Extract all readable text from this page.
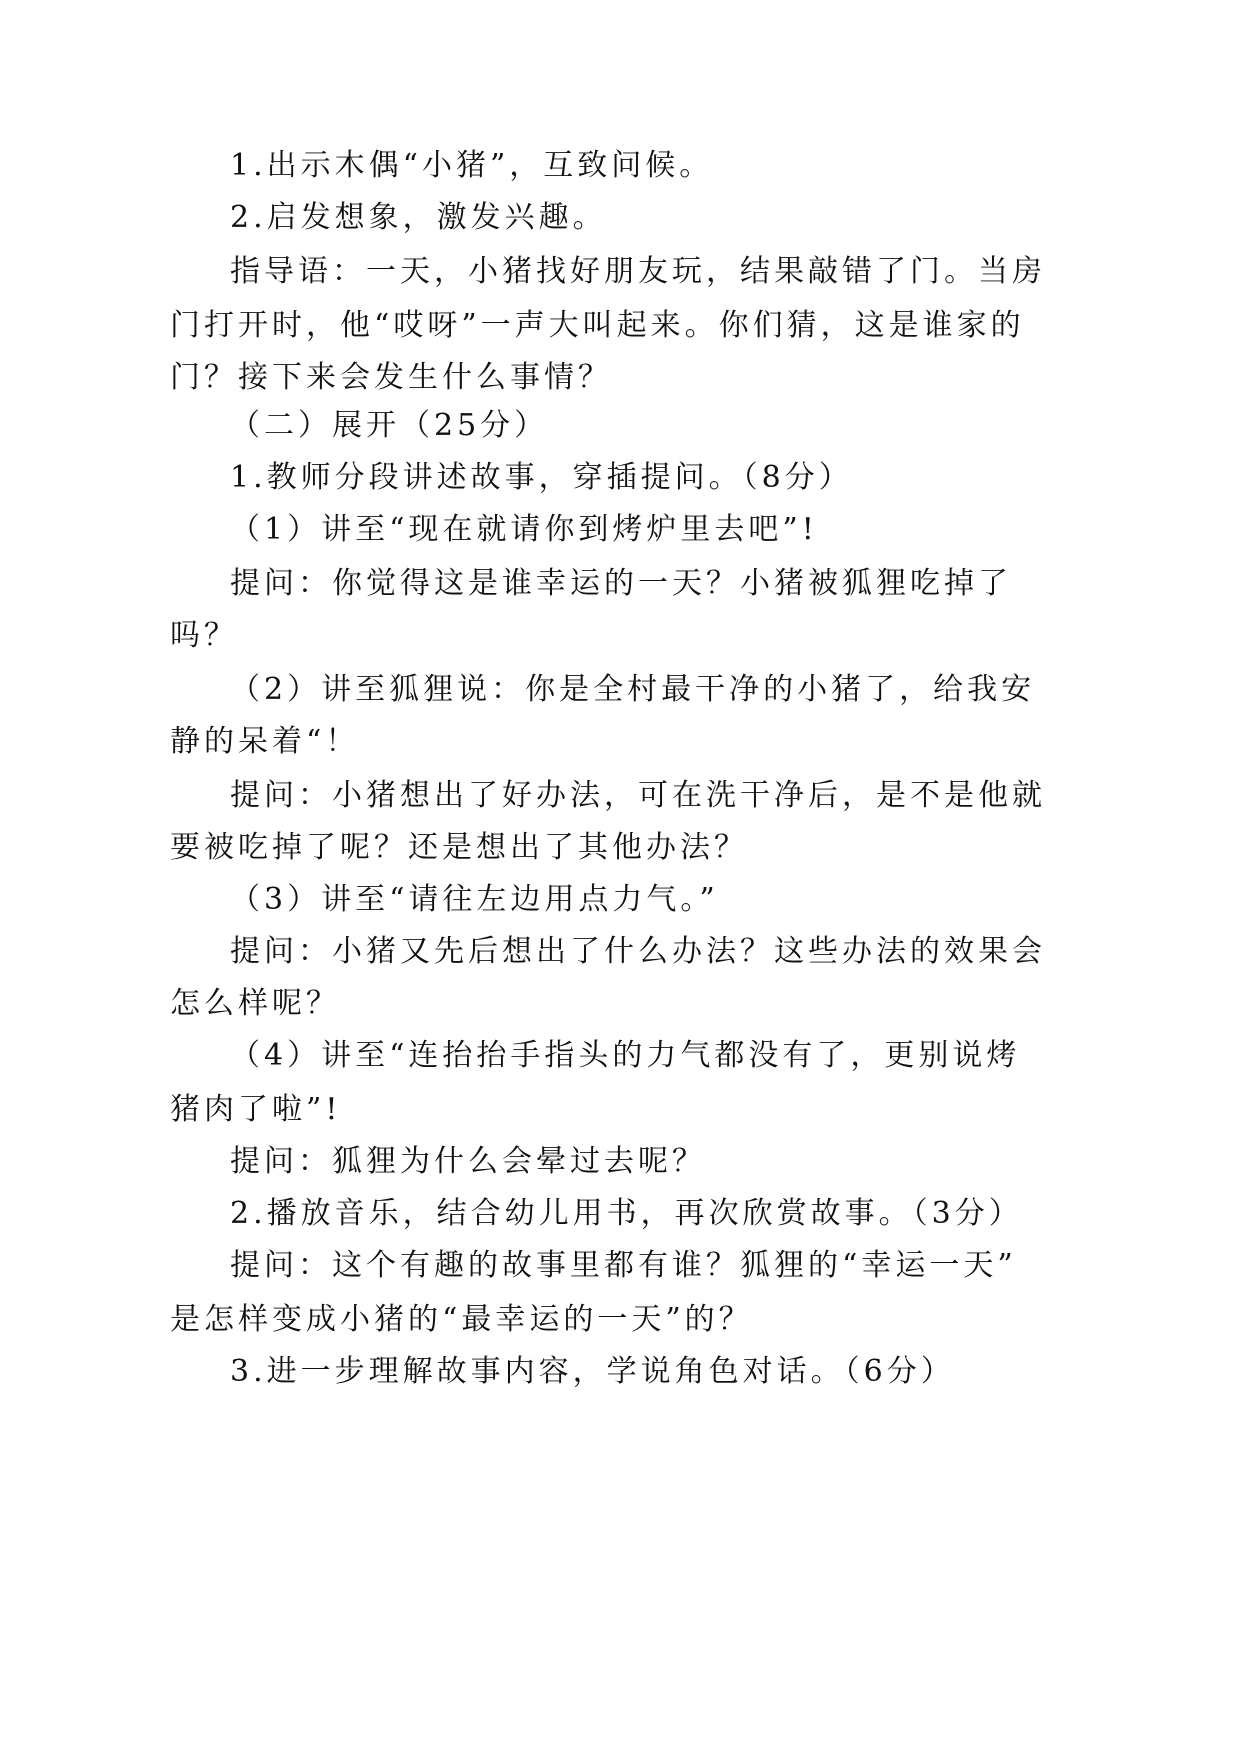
1.出示木偶“小猪”，互致问候。
2.启发想象，激发兴趣。
指导语：一天，小猪找好朋友玩，结果敲错了门。当房
门打开时，他“哎呀”一声大叫起来。你们猜，这是谁家的
门？接下来会发生什么事情？
（二）展开（25分）
1.教师分段讲述故事，穿插提问。（8分）
（1）讲至“现在就请你到烤炉里去吧”!
提问：你觉得这是谁幸运的一天？小猪被狐狸吃掉了
吗？
（2）讲至狐狸说：你是全村最干净的小猪了，给我安
静的呆着“！
提问：小猪想出了好办法，可在洗干净后，是不是他就
要被吃掉了呢？还是想出了其他办法？
（3）讲至“请往左边用点力气。”
提问：小猪又先后想出了什么办法？这些办法的效果会
怎么样呢？
（4）讲至“连抬抬手指头的力气都没有了，更别说烤
猪肉了啦”!
提问：狐狸为什么会晕过去呢？
2.播放音乐，结合幼儿用书，再次欣赏故事。（3分）
提问：这个有趣的故事里都有谁？狐狸的“幸运一天”
是怎样变成小猪的“最幸运的一天”的？
3.进一步理解故事内容，学说角色对话。（6分）
